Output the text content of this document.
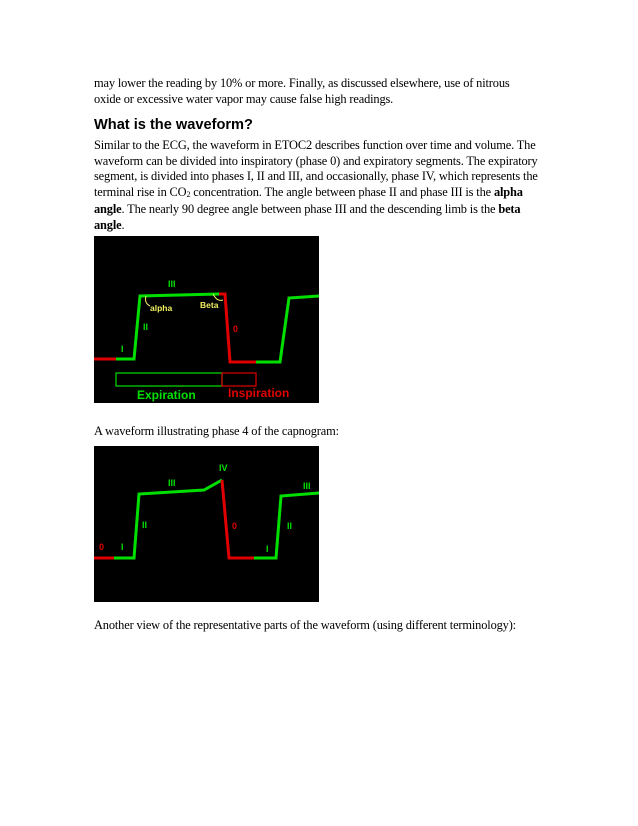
may lower the reading by 10% or more. Finally, as discussed elsewhere, use of nitrous
oxide or excessive water vapor may cause false high readings.

What is the waveform?

Similar to the ECG, the waveform in ETOC2 describes function over time and volume. The waveform can be divided into inspiratory (phase 0) and expiratory segments. The expiratory segment, is divided into phases I, II and III, and occasionally, phase IV, which represents the terminal rise in $CO_2$ concentration. The angle between phase II and phase III is the alpha angle. The nearly 90 degree angle between phase III and the descending limb is the beta angle.

I
II
III
0
alpha	Beta
Expiration	Inspiration

A waveform illustrating phase 4 of the capnogram:

0 I
II
III
IV
0
I
II
III

Another view of the representative parts of the waveform (using different terminology):
